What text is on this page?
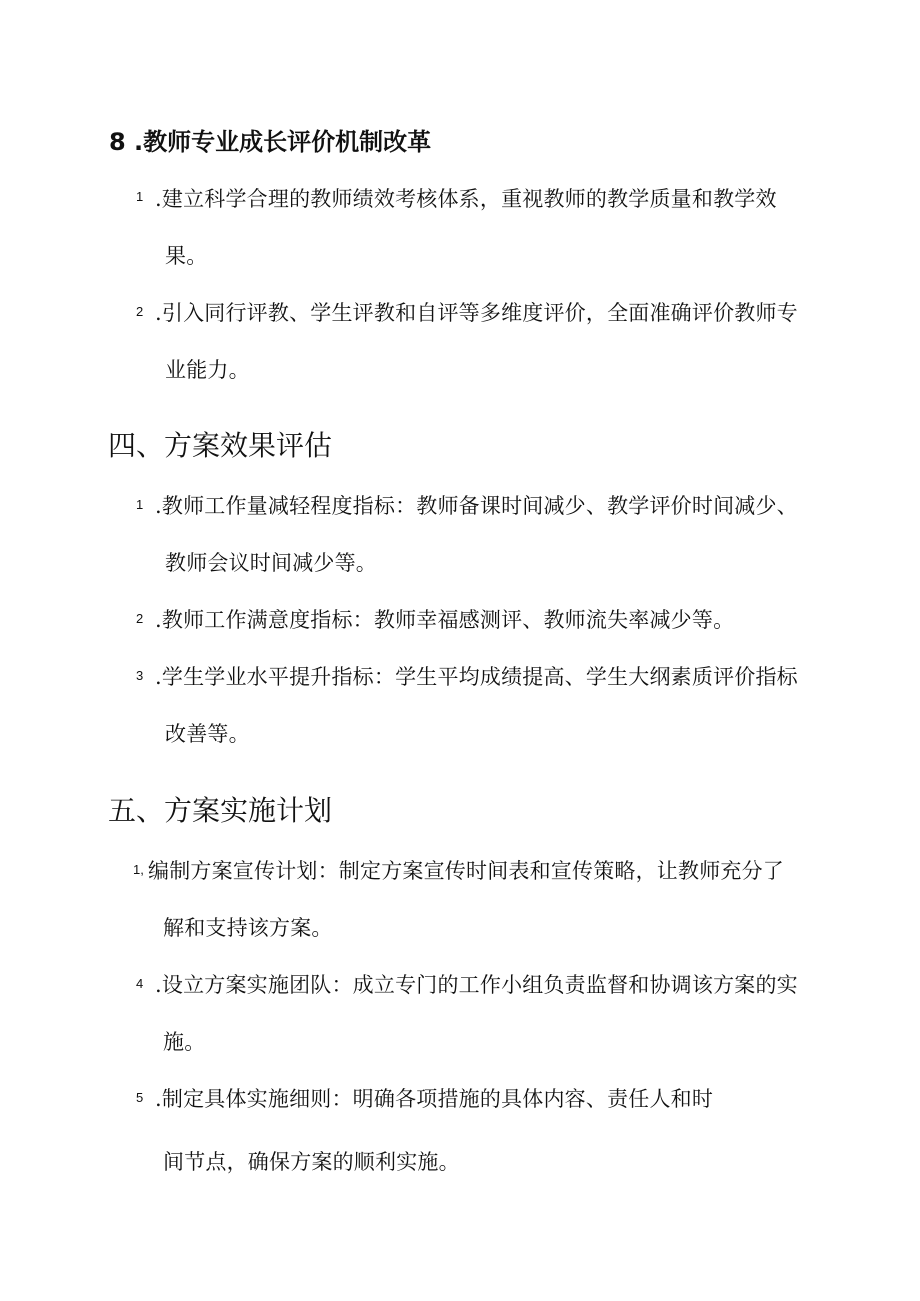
8 .教师专业成长评价机制改革
1 .建立科学合理的教师绩效考核体系，重视教师的教学质量和教学效
果。
2 .引入同行评教、学生评教和自评等多维度评价，全面准确评价教师专
业能力。
四、方案效果评估
1 .教师工作量减轻程度指标：教师备课时间减少、教学评价时间减少、
教师会议时间减少等。
2 .教师工作满意度指标：教师幸福感测评、教师流失率减少等。
3 .学生学业水平提升指标：学生平均成绩提高、学生大纲素质评价指标
改善等。
五、方案实施计划
1, 编制方案宣传计划：制定方案宣传时间表和宣传策略，让教师充分了
解和支持该方案。
4 .设立方案实施团队：成立专门的工作小组负责监督和协调该方案的实
施。
5 .制定具体实施细则：明确各项措施的具体内容、责任人和时
间节点，确保方案的顺利实施。
